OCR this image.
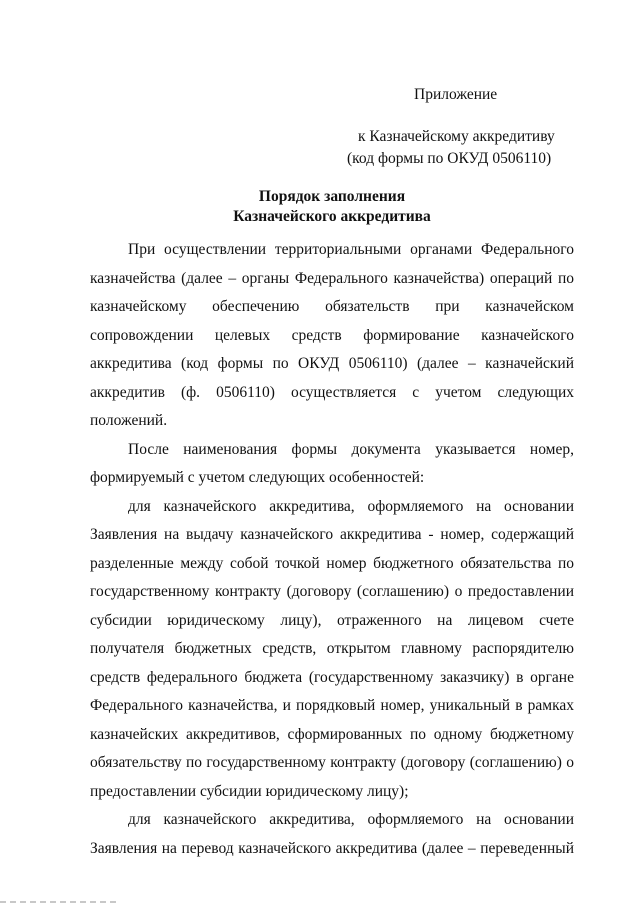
Приложение
к Казначейскому аккредитиву
(код формы по ОКУД 0506110)
Порядок заполнения
Казначейского аккредитива

При осуществлении территориальными органами Федерального казначейства (далее – органы Федерального казначейства) операций по казначейскому обеспечению обязательств при казначейском сопровождении целевых средств формирование казначейского аккредитива (код формы по ОКУД 0506110) (далее – казначейский аккредитив (ф. 0506110) осуществляется с учетом следующих положений.

После наименования формы документа указывается номер, формируемый с учетом следующих особенностей:

для казначейского аккредитива, оформляемого на основании Заявления на выдачу казначейского аккредитива - номер, содержащий разделенные между собой точкой номер бюджетного обязательства по государственному контракту (договору (соглашению) о предоставлении субсидии юридическому лицу), отраженного на лицевом счете получателя бюджетных средств, открытом главному распорядителю средств федерального бюджета (государственному заказчику) в органе Федерального казначейства, и порядковый номер, уникальный в рамках казначейских аккредитивов, сформированных по одному бюджетному обязательству по государственному контракту (договору (соглашению) о предоставлении субсидии юридическому лицу);

для казначейского аккредитива, оформляемого на основании Заявления на перевод казначейского аккредитива (далее – переведенный
